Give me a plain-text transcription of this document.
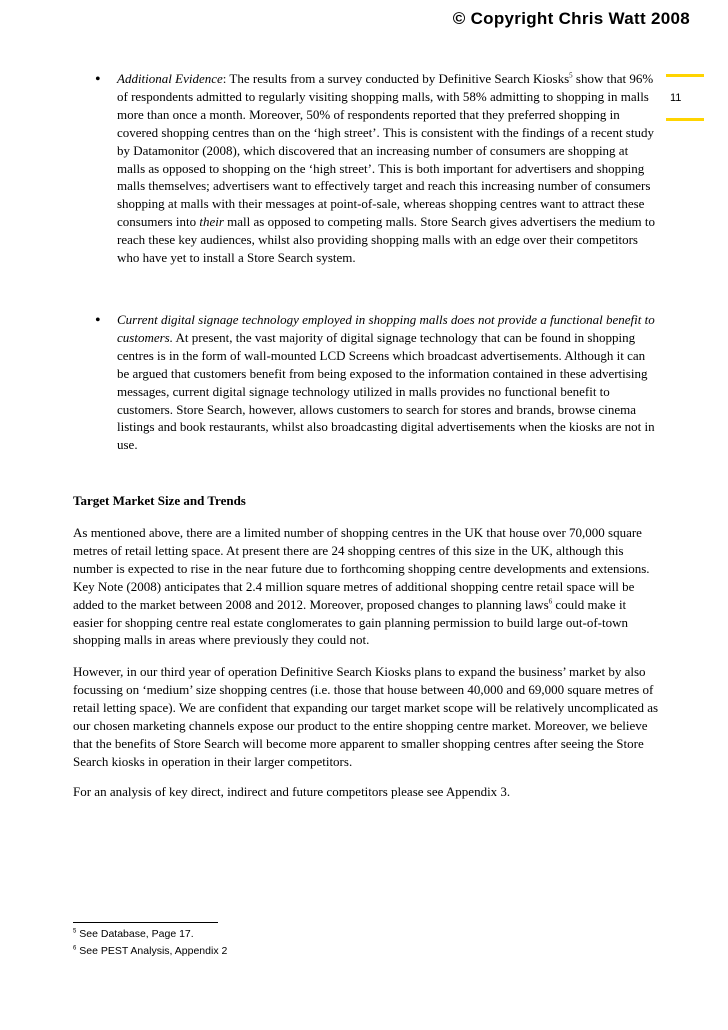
© Copyright Chris Watt 2008
11
• Additional Evidence: The results from a survey conducted by Definitive Search Kiosks$^5$ show that 96% of respondents admitted to regularly visiting shopping malls, with 58% admitting to shopping in malls more than once a month. Moreover, 50% of respondents reported that they preferred shopping in covered shopping centres than on the ‘high street’. This is consistent with the findings of a recent study by Datamonitor (2008), which discovered that an increasing number of consumers are shopping at malls as opposed to shopping on the ‘high street’. This is both important for advertisers and shopping malls themselves; advertisers want to effectively target and reach this increasing number of consumers shopping at malls with their messages at point-of-sale, whereas shopping centres want to attract these consumers into their mall as opposed to competing malls. Store Search gives advertisers the medium to reach these key audiences, whilst also providing shopping malls with an edge over their competitors who have yet to install a Store Search system.
• Current digital signage technology employed in shopping malls does not provide a functional benefit to customers. At present, the vast majority of digital signage technology that can be found in shopping centres is in the form of wall-mounted LCD Screens which broadcast advertisements. Although it can be argued that customers benefit from being exposed to the information contained in these advertising messages, current digital signage technology utilized in malls provides no functional benefit to customers. Store Search, however, allows customers to search for stores and brands, browse cinema listings and book restaurants, whilst also broadcasting digital advertisements when the kiosks are not in use.
Target Market Size and Trends

As mentioned above, there are a limited number of shopping centres in the UK that house over 70,000 square metres of retail letting space. At present there are 24 shopping centres of this size in the UK, although this number is expected to rise in the near future due to forthcoming shopping centre developments and extensions. Key Note (2008) anticipates that 2.4 million square metres of additional shopping centre retail space will be added to the market between 2008 and 2012. Moreover, proposed changes to planning laws$^6$ could make it easier for shopping centre real estate conglomerates to gain planning permission to build large out-of-town shopping malls in areas where previously they could not.

However, in our third year of operation Definitive Search Kiosks plans to expand the business’ market by also focussing on ‘medium’ size shopping centres (i.e. those that house between 40,000 and 69,000 square metres of retail letting space). We are confident that expanding our target market scope will be relatively uncomplicated as our chosen marketing channels expose our product to the entire shopping centre market. Moreover, we believe that the benefits of Store Search will become more apparent to smaller shopping centres after seeing the Store Search kiosks in operation in their larger competitors.

For an analysis of key direct, indirect and future competitors please see Appendix 3.

$^5$ See Database, Page 17.
$^6$ See PEST Analysis, Appendix 2
